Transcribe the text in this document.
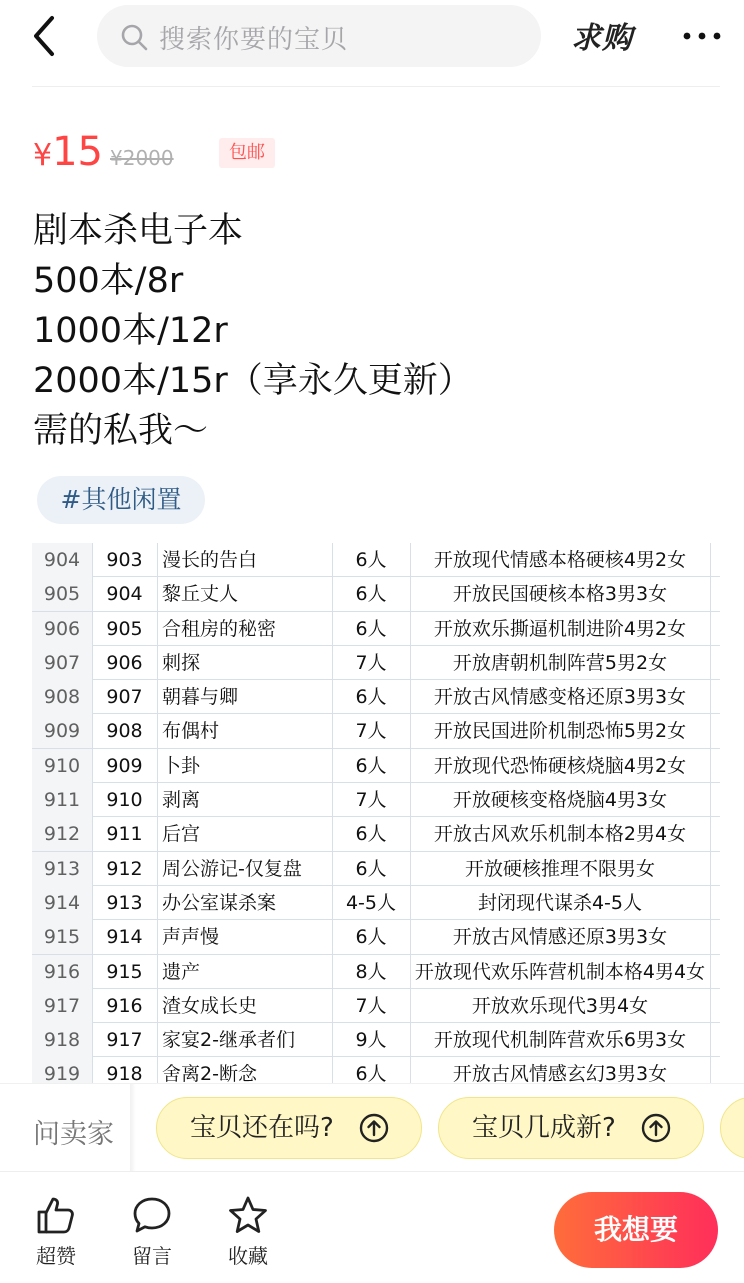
搜索你要的宝贝	求购
¥15 ¥2000	包邮
剧本杀电子本
500本/8r
1000本/12r
2000本/15r（享永久更新）
需的私我～
#其他闲置
904	903	漫长的告白	6人	开放现代情感本格硬核4男2女
905	904	黎丘丈人	6人	开放民国硬核本格3男3女
906	905	合租房的秘密	6人	开放欢乐撕逼机制进阶4男2女
907	906	刺探	7人	开放唐朝机制阵营5男2女
908	907	朝暮与卿	6人	开放古风情感变格还原3男3女
909	908	布偶村	7人	开放民国进阶机制恐怖5男2女
910	909	卜卦	6人	开放现代恐怖硬核烧脑4男2女
911	910	剥离	7人	开放硬核变格烧脑4男3女
912	911	后宫	6人	开放古风欢乐机制本格2男4女
913	912	周公游记-仅复盘	6人	开放硬核推理不限男女
914	913	办公室谋杀案	4-5人	封闭现代谋杀4-5人
915	914	声声慢	6人	开放古风情感还原3男3女
916	915	遗产	8人	开放现代欢乐阵营机制本格4男4女
917	916	渣女成长史	7人	开放欢乐现代3男4女
918	917	家宴2-继承者们	9人	开放现代机制阵营欢乐6男3女
919	918	舍离2-断念	6人	开放古风情感玄幻3男3女
问卖家	宝贝还在吗?	宝贝几成新?
超赞	留言	收藏
我想要
